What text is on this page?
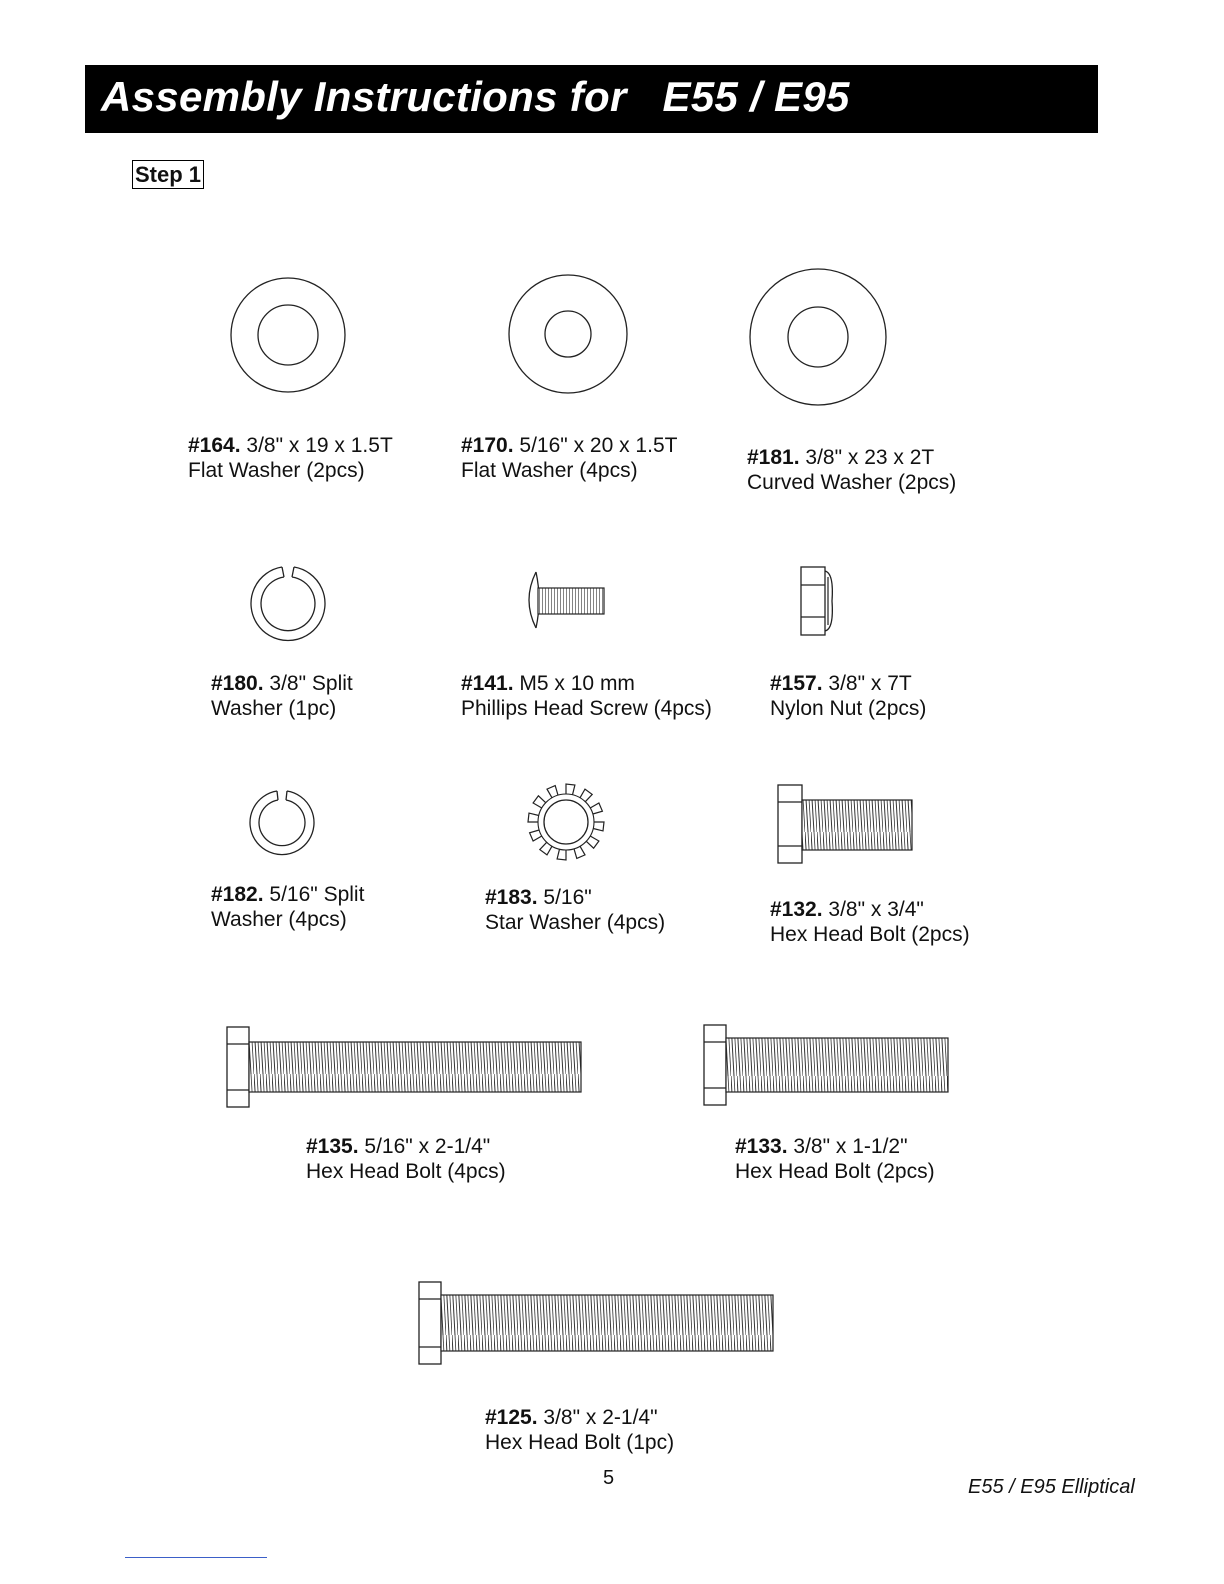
Assembly Instructions for   E55 / E95
Step 1
#164. 3/8" x 19 x 1.5T
Flat Washer (2pcs)
#170. 5/16" x 20 x 1.5T
Flat Washer (4pcs)
#181. 3/8" x 23 x 2T
Curved Washer (2pcs)
#180. 3/8" Split
Washer (1pc)
#141. M5 x 10 mm
Phillips Head Screw (4pcs)
#157. 3/8" x 7T
Nylon Nut (2pcs)
#182. 5/16" Split
Washer (4pcs)
#183. 5/16"
Star Washer (4pcs)
#132. 3/8" x 3/4"
Hex Head Bolt (2pcs)
#135. 5/16" x 2-1/4"
Hex Head Bolt (4pcs)
#133. 3/8" x 1-1/2"
Hex Head Bolt (2pcs)
#125. 3/8" x 2-1/4"
Hex Head Bolt (1pc)
5	E55 / E95 Elliptical
